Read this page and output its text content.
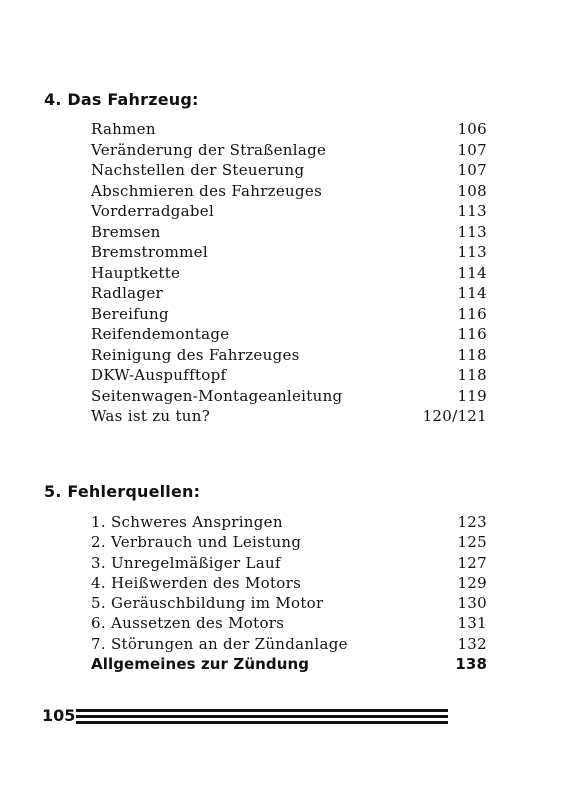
4. Das Fahrzeug:
Rahmen	106
Veränderung der Straßenlage	107
Nachstellen der Steuerung	107
Abschmieren des Fahrzeuges	108
Vorderradgabel	113
Bremsen	113
Bremstrommel	113
Hauptkette	114
Radlager	114
Bereifung	116
Reifendemontage	116
Reinigung des Fahrzeuges	118
DKW-Auspufftopf	118
Seitenwagen-Montageanleitung	119
Was ist zu tun?	120/121
5. Fehlerquellen:
1. Schweres Anspringen	123
2. Verbrauch und Leistung	125
3. Unregelmäßiger Lauf	127
4. Heißwerden des Motors	129
5. Geräuschbildung im Motor	130
6. Aussetzen des Motors	131
7. Störungen an der Zündanlage	132
Allgemeines zur Zündung	138
105
